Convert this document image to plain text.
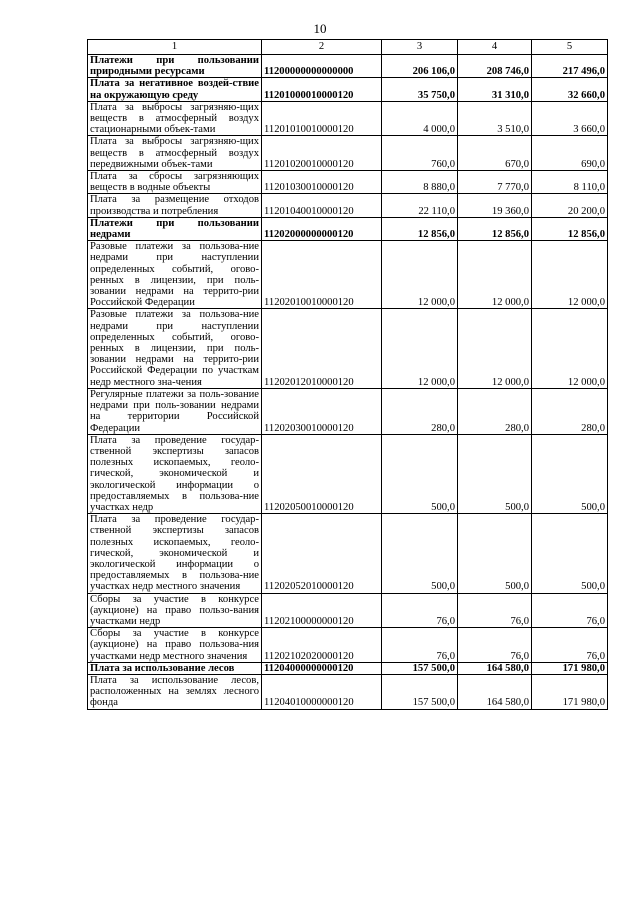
10
1	2	3	4	5
Платежи при пользовании природными ресурсами	11200000000000000	206 106,0	208 746,0	217 496,0
Плата за негативное воздей-ствие на окружающую среду	11201000010000120	35 750,0	31 310,0	32 660,0
Плата за выбросы загрязняю-щих веществ в атмосферный воздух стационарными объек-тами	11201010010000120	4 000,0	3 510,0	3 660,0
Плата за выбросы загрязняю-щих веществ в атмосферный воздух передвижными объек-тами	11201020010000120	760,0	670,0	690,0
Плата за сбросы загрязняющих веществ в водные объекты	11201030010000120	8 880,0	7 770,0	8 110,0
Плата за размещение отходов производства и потребления	11201040010000120	22 110,0	19 360,0	20 200,0
Платежи при пользовании недрами	11202000000000120	12 856,0	12 856,0	12 856,0
Разовые платежи за пользова-ние недрами при наступлении определенных событий, огово-ренных в лицензии, при поль-зовании недрами на террито-рии Российской Федерации	11202010010000120	12 000,0	12 000,0	12 000,0
Разовые платежи за пользова-ние недрами при наступлении определенных событий, огово-ренных в лицензии, при поль-зовании недрами на террито-рии Российской Федерации по участкам недр местного зна-чения	11202012010000120	12 000,0	12 000,0	12 000,0
Регулярные платежи за поль-зование недрами при поль-зовании недрами на территории Российской Федерации	11202030010000120	280,0	280,0	280,0
Плата за проведение государ-ственной экспертизы запасов полезных ископаемых, геоло-гической, экономической и экологической информации о предоставляемых в пользова-ние участках недр	11202050010000120	500,0	500,0	500,0
Плата за проведение государ-ственной экспертизы запасов полезных ископаемых, геоло-гической, экономической и экологической информации о предоставляемых в пользова-ние участках недр местного значения	11202052010000120	500,0	500,0	500,0
Сборы за участие в конкурсе (аукционе) на право пользо-вания участками недр	11202100000000120	76,0	76,0	76,0
Сборы за участие в конкурсе (аукционе) на право пользова-ния участками недр местного значения	11202102020000120	76,0	76,0	76,0
Плата за использование лесов	11204000000000120	157 500,0	164 580,0	171 980,0
Плата за использование лесов, расположенных на землях лесного фонда	11204010000000120	157 500,0	164 580,0	171 980,0
